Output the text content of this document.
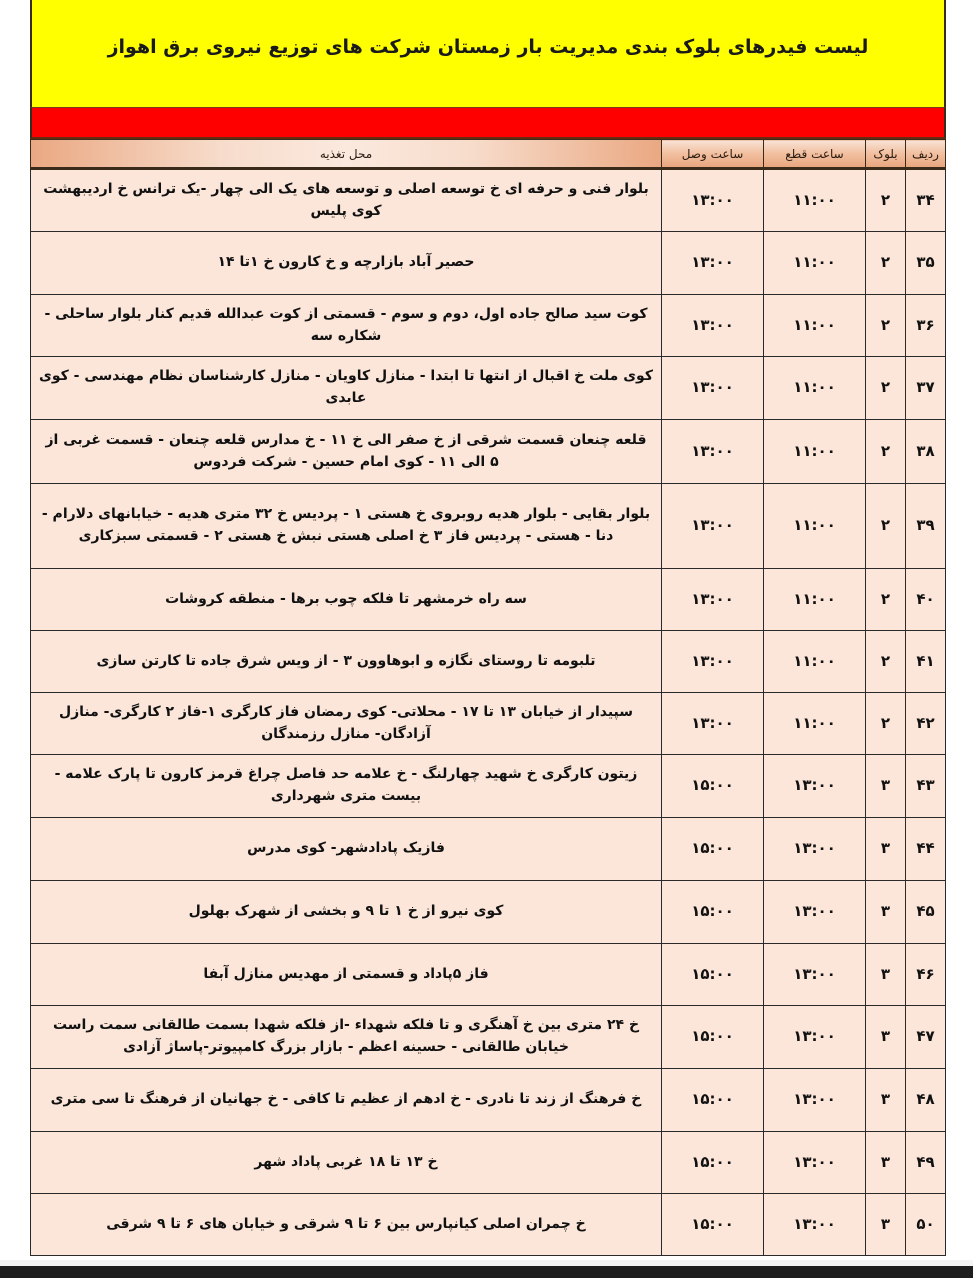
لیست فیدرهای بلوک بندی مدیریت بار زمستان شرکت های توزیع نیروی برق اهواز
ردیف	بلوک	ساعت قطع	ساعت وصل	محل تغذیه
۳۴	۲	۱۱:۰۰	۱۳:۰۰	بلوار فنی و حرفه ای خ توسعه اصلی و توسعه های یک الی چهار -یک ترانس خ اردیبهشت کوی پلیس
۳۵	۲	۱۱:۰۰	۱۳:۰۰	حصیر آباد بازارچه و خ کارون خ ۱تا ۱۴
۳۶	۲	۱۱:۰۰	۱۳:۰۰	کوت سید صالح جاده اول، دوم و سوم - قسمتی از کوت عبدالله قدیم کنار بلوار ساحلی - شکاره سه
۳۷	۲	۱۱:۰۰	۱۳:۰۰	کوی ملت خ اقبال از انتها تا ابتدا - منازل کاویان - منازل کارشناسان نظام مهندسی - کوی عابدی
۳۸	۲	۱۱:۰۰	۱۳:۰۰	قلعه چنعان قسمت شرقی از خ صفر الی خ ۱۱ - خ مدارس قلعه چنعان - قسمت غربی از ۵ الی ۱۱ - کوی امام حسین - شرکت فردوس
۳۹	۲	۱۱:۰۰	۱۳:۰۰	بلوار بقایی - بلوار هدیه روبروی خ هستی ۱ - پردیس خ ۳۲ متری هدیه - خیابانهای دلارام - دنا - هستی - پردیس فاز ۳ خ اصلی هستی نبش خ هستی ۲ - قسمتی سبزکاری
۴۰	۲	۱۱:۰۰	۱۳:۰۰	سه راه خرمشهر تا فلکه چوب برها - منطقه کروشات
۴۱	۲	۱۱:۰۰	۱۳:۰۰	تلبومه تا روستای نگازه و ابوهاوون ۳ - از ویس شرق جاده تا کارتن سازی
۴۲	۲	۱۱:۰۰	۱۳:۰۰	سپیدار از خیابان ۱۳ تا ۱۷ - محلاتی- کوی رمضان فاز کارگری ۱-فاز ۲ کارگری- منازل آزادگان- منازل رزمندگان
۴۳	۳	۱۳:۰۰	۱۵:۰۰	زیتون کارگری خ شهید چهارلنگ - خ علامه حد فاصل چراغ قرمز کارون تا پارک علامه - بیست متری شهرداری
۴۴	۳	۱۳:۰۰	۱۵:۰۰	فازیک پادادشهر- کوی مدرس
۴۵	۳	۱۳:۰۰	۱۵:۰۰	کوی نیرو از خ ۱ تا ۹ و بخشی از شهرک بهلول
۴۶	۳	۱۳:۰۰	۱۵:۰۰	فاز ۵پاداد و قسمتی از مهدیس منازل آبفا
۴۷	۳	۱۳:۰۰	۱۵:۰۰	خ ۲۴ متری بین خ آهنگری و تا فلکه شهداء -از فلکه شهدا بسمت طالقانی سمت راست خیابان طالقانی - حسینه اعظم - بازار بزرگ کامپیوتر-پاساژ آزادی
۴۸	۳	۱۳:۰۰	۱۵:۰۰	خ فرهنگ از زند تا نادری - خ ادهم از عظیم تا کافی - خ جهانیان از فرهنگ تا سی متری
۴۹	۳	۱۳:۰۰	۱۵:۰۰	خ ۱۳ تا ۱۸ غربی پاداد شهر
۵۰	۳	۱۳:۰۰	۱۵:۰۰	خ چمران اصلی کیانپارس بین ۶ تا ۹ شرقی و خیابان های ۶ تا ۹ شرقی
